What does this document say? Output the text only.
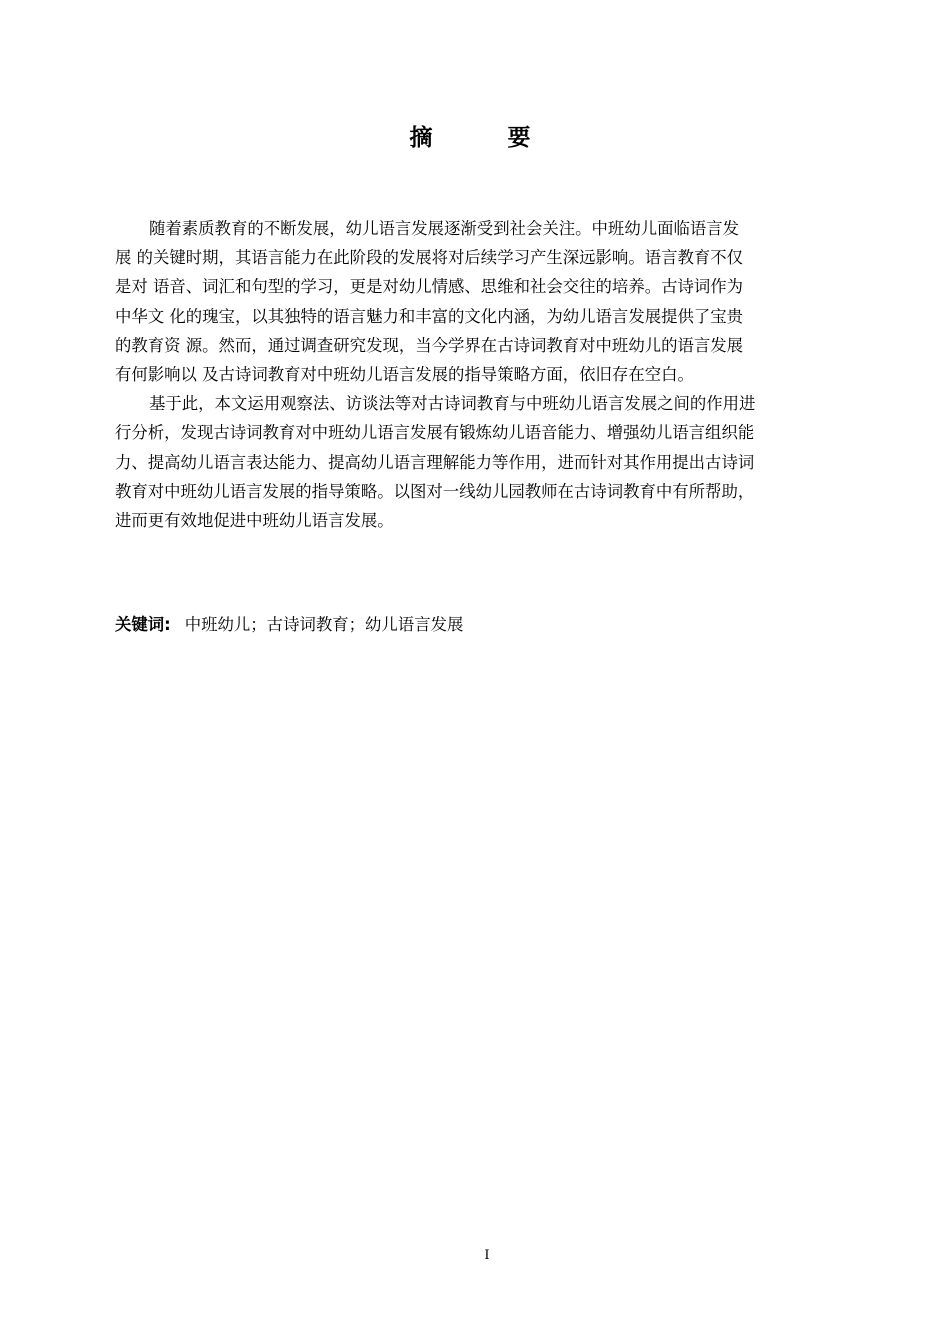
摘　要
随着素质教育的不断发展，幼儿语言发展逐渐受到社会关注。中班幼儿面临语言发
展 的关键时期，其语言能力在此阶段的发展将对后续学习产生深远影响。语言教育不仅
是对 语音、词汇和句型的学习，更是对幼儿情感、思维和社会交往的培养。古诗词作为
中华文 化的瑰宝，以其独特的语言魅力和丰富的文化内涵，为幼儿语言发展提供了宝贵
的教育资 源。然而，通过调查研究发现，当今学界在古诗词教育对中班幼儿的语言发展
有何影响以 及古诗词教育对中班幼儿语言发展的指导策略方面，依旧存在空白。
基于此，本文运用观察法、访谈法等对古诗词教育与中班幼儿语言发展之间的作用进
行分析，发现古诗词教育对中班幼儿语言发展有锻炼幼儿语音能力、增强幼儿语言组织能
力、提高幼儿语言表达能力、提高幼儿语言理解能力等作用，进而针对其作用提出古诗词
教育对中班幼儿语言发展的指导策略。以图对一线幼儿园教师在古诗词教育中有所帮助，
进而更有效地促进中班幼儿语言发展。
关键词: 中班幼儿；古诗词教育；幼儿语言发展
I
